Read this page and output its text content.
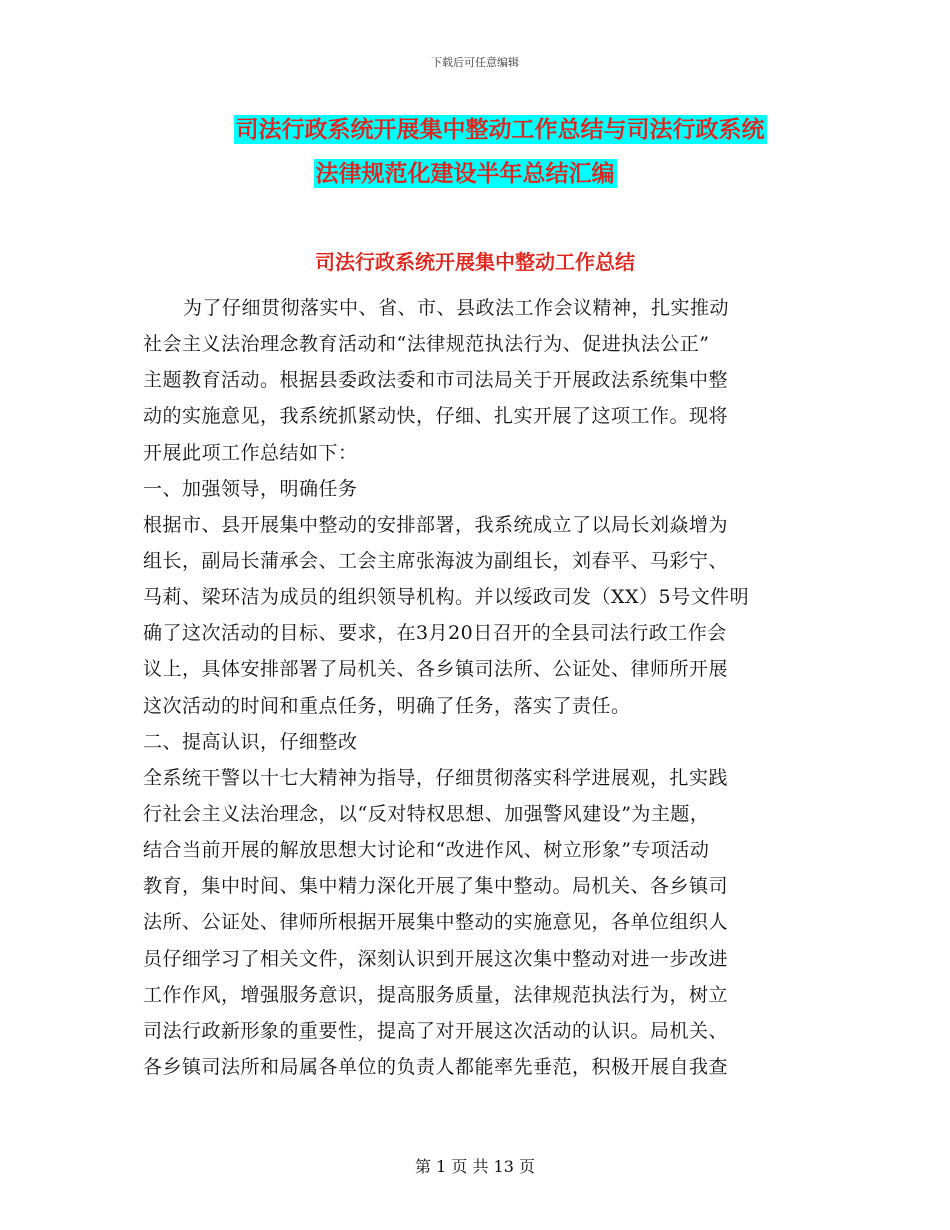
下载后可任意编辑
司法行政系统开展集中整动工作总结与司法行政系统
法律规范化建设半年总结汇编
司法行政系统开展集中整动工作总结
为了仔细贯彻落实中、省、市、县政法工作会议精神，扎实推动
社会主义法治理念教育活动和“法律规范执法行为、促进执法公正”
主题教育活动。根据县委政法委和市司法局关于开展政法系统集中整
动的实施意见，我系统抓紧动快，仔细、扎实开展了这项工作。现将
开展此项工作总结如下：
一、加强领导，明确任务
根据市、县开展集中整动的安排部署，我系统成立了以局长刘焱增为
组长，副局长蒲承会、工会主席张海波为副组长，刘春平、马彩宁、
马莉、梁环洁为成员的组织领导机构。并以绥政司发（XX）5号文件明
确了这次活动的目标、要求，在3月20日召开的全县司法行政工作会
议上，具体安排部署了局机关、各乡镇司法所、公证处、律师所开展
这次活动的时间和重点任务，明确了任务，落实了责任。
二、提高认识，仔细整改
全系统干警以十七大精神为指导，仔细贯彻落实科学进展观，扎实践
行社会主义法治理念，以“反对特权思想、加强警风建设”为主题，
结合当前开展的解放思想大讨论和“改进作风、树立形象”专项活动
教育，集中时间、集中精力深化开展了集中整动。局机关、各乡镇司
法所、公证处、律师所根据开展集中整动的实施意见，各单位组织人
员仔细学习了相关文件，深刻认识到开展这次集中整动对进一步改进
工作作风，增强服务意识，提高服务质量，法律规范执法行为，树立
司法行政新形象的重要性，提高了对开展这次活动的认识。局机关、
各乡镇司法所和局属各单位的负责人都能率先垂范，积极开展自我查
第 1 页 共 13 页
